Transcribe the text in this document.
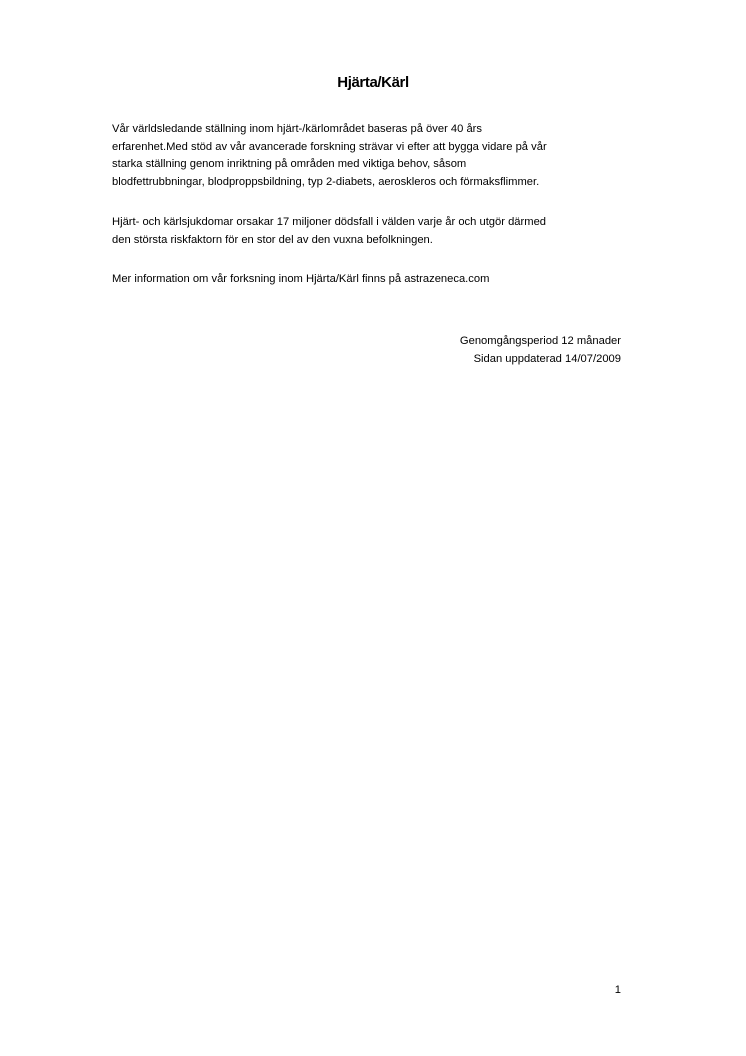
Hjärta/Kärl

Vår världsledande ställning inom hjärt-/kärlområdet baseras på över 40 års
erfarenhet.Med stöd av vår avancerade forskning strävar vi efter att bygga vidare på vår
starka ställning genom inriktning på områden med viktiga behov, såsom
blodfettrubbningar, blodproppsbildning, typ 2-diabets, aeroskleros och förmaksflimmer.

Hjärt- och kärlsjukdomar orsakar 17 miljoner dödsfall i välden varje år och utgör därmed
den största riskfaktorn för en stor del av den vuxna befolkningen.

Mer information om vår forksning inom Hjärta/Kärl finns på astrazeneca.com

Genomgångsperiod 12 månader
Sidan uppdaterad 14/07/2009
1
